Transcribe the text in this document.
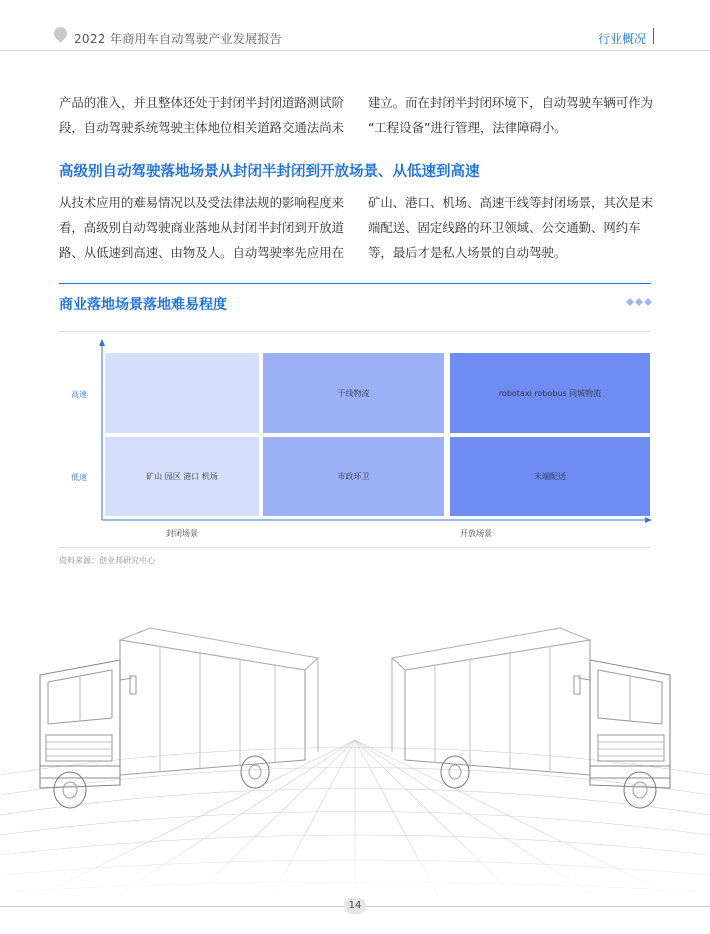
2022 年商用车自动驾驶产业发展报告	行业概况
产品的准入，并且整体还处于封闭半封闭道路测试阶
段，自动驾驶系统驾驶主体地位相关道路交通法尚未
建立。而在封闭半封闭环境下，自动驾驶车辆可作为
“工程设备”进行管理，法律障碍小。
高级别自动驾驶落地场景从封闭半封闭到开放场景、从低速到高速
从技术应用的难易情况以及受法律法规的影响程度来
看，高级别自动驾驶商业落地从封闭半封闭到开放道
路、从低速到高速、由物及人。自动驾驶率先应用在
矿山、港口、机场、高速干线等封闭场景，其次是末
端配送、固定线路的环卫领域、公交通勤、网约车
等，最后才是私人场景的自动驾驶。
商业落地场景落地难易程度
高速
低速
干线物流	robotaxi robobus 同城物流
矿山 园区 港口 机场	市政环卫	末端配送
封闭场景	开放场景
资料来源：创业邦研究中心
14
